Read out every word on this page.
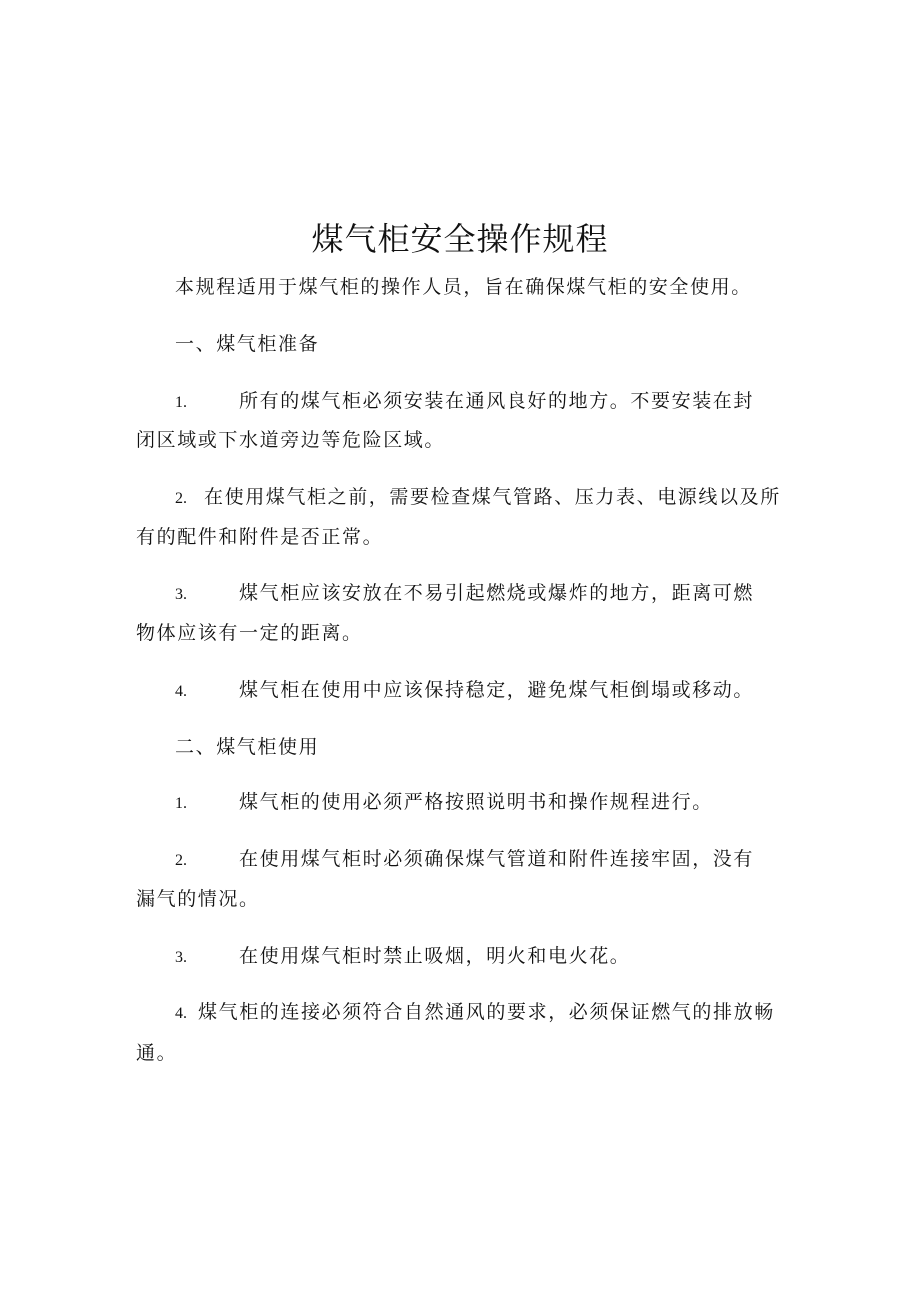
煤气柜安全操作规程
本规程适用于煤气柜的操作人员，旨在确保煤气柜的安全使用。
一、煤气柜准备
1.	所有的煤气柜必须安装在通风良好的地方。不要安装在封
闭区域或下水道旁边等危险区域。
2. 在使用煤气柜之前，需要检查煤气管路、压力表、电源线以及所
有的配件和附件是否正常。
3.	煤气柜应该安放在不易引起燃烧或爆炸的地方，距离可燃
物体应该有一定的距离。
4.	煤气柜在使用中应该保持稳定，避免煤气柜倒塌或移动。
二、煤气柜使用
1.	煤气柜的使用必须严格按照说明书和操作规程进行。
2.	在使用煤气柜时必须确保煤气管道和附件连接牢固，没有
漏气的情况。
3.	在使用煤气柜时禁止吸烟，明火和电火花。
4. 煤气柜的连接必须符合自然通风的要求，必须保证燃气的排放畅
通。
